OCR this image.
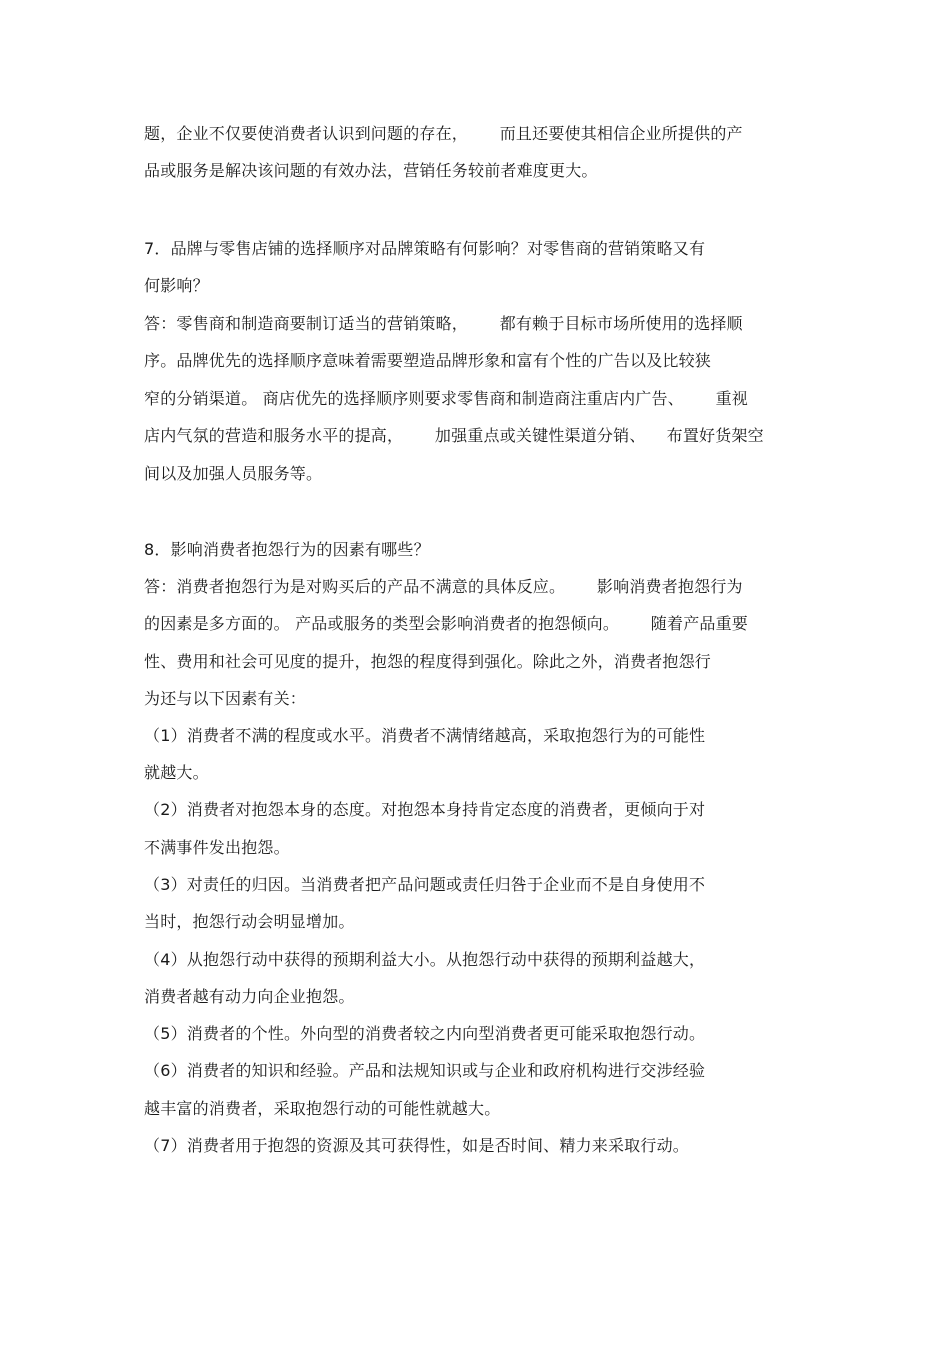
题，企业不仅要使消费者认识到问题的存在，      而且还要使其相信企业所提供的产
品或服务是解决该问题的有效办法，营销任务较前者难度更大。
7．品牌与零售店铺的选择顺序对品牌策略有何影响？对零售商的营销策略又有
何影响？
答：零售商和制造商要制订适当的营销策略，      都有赖于目标市场所使用的选择顺
序。品牌优先的选择顺序意味着需要塑造品牌形象和富有个性的广告以及比较狭
窄的分销渠道。 商店优先的选择顺序则要求零售商和制造商注重店内广告、      重视
店内气氛的营造和服务水平的提高，      加强重点或关键性渠道分销、    布置好货架空
间以及加强人员服务等。
8．影响消费者抱怨行为的因素有哪些？
答：消费者抱怨行为是对购买后的产品不满意的具体反应。      影响消费者抱怨行为
的因素是多方面的。 产品或服务的类型会影响消费者的抱怨倾向。      随着产品重要
性、费用和社会可见度的提升，抱怨的程度得到强化。除此之外，消费者抱怨行
为还与以下因素有关：
（1）消费者不满的程度或水平。消费者不满情绪越高，采取抱怨行为的可能性
就越大。
（2）消费者对抱怨本身的态度。对抱怨本身持肯定态度的消费者，更倾向于对
不满事件发出抱怨。
（3）对责任的归因。当消费者把产品问题或责任归咎于企业而不是自身使用不
当时，抱怨行动会明显增加。
（4）从抱怨行动中获得的预期利益大小。从抱怨行动中获得的预期利益越大，
消费者越有动力向企业抱怨。
（5）消费者的个性。外向型的消费者较之内向型消费者更可能采取抱怨行动。
（6）消费者的知识和经验。产品和法规知识或与企业和政府机构进行交涉经验
越丰富的消费者，采取抱怨行动的可能性就越大。
（7）消费者用于抱怨的资源及其可获得性，如是否时间、精力来采取行动。
